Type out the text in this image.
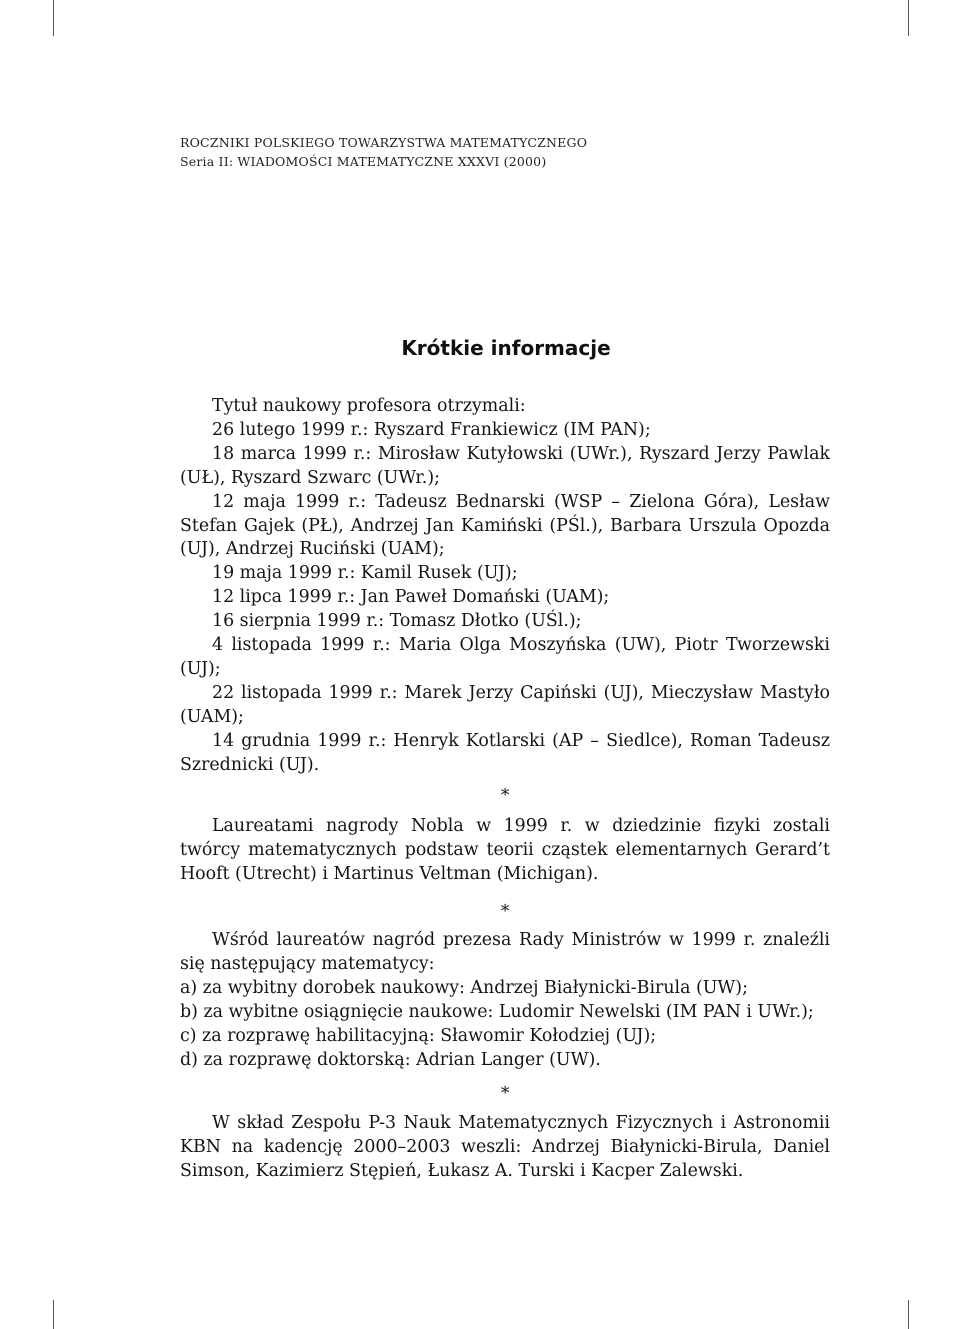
ROCZNIKI POLSKIEGO TOWARZYSTWA MATEMATYCZNEGO
Seria II: WIADOMOŚCI MATEMATYCZNE XXXVI (2000)
Krótkie informacje

Tytuł naukowy profesora otrzymali:

26 lutego 1999 r.: Ryszard Frankiewicz (IM PAN);

18 marca 1999 r.: Mirosław Kutyłowski (UWr.), Ryszard Jerzy Pawlak (UŁ), Ryszard Szwarc (UWr.);

12 maja 1999 r.: Tadeusz Bednarski (WSP – Zielona Góra), Lesław Stefan Gajek (PŁ), Andrzej Jan Kamiński (PŚl.), Barbara Urszula Opozda (UJ), Andrzej Ruciński (UAM);

19 maja 1999 r.: Kamil Rusek (UJ);

12 lipca 1999 r.: Jan Paweł Domański (UAM);

16 sierpnia 1999 r.: Tomasz Dłotko (UŚl.);

4 listopada 1999 r.: Maria Olga Moszyńska (UW), Piotr Tworzewski (UJ);

22 listopada 1999 r.: Marek Jerzy Capiński (UJ), Mieczysław Mastyło (UAM);

14 grudnia 1999 r.: Henryk Kotlarski (AP – Siedlce), Roman Tadeusz Szrednicki (UJ).

∗

Laureatami nagrody Nobla w 1999 r. w dziedzinie fizyki zostali twórcy matematycznych podstaw teorii cząstek elementarnych Gerard’t Hooft (Utrecht) i Martinus Veltman (Michigan).

∗

Wśród laureatów nagród prezesa Rady Ministrów w 1999 r. znaleźli się następujący matematycy:

a) za wybitny dorobek naukowy: Andrzej Białynicki-Birula (UW);

b) za wybitne osiągnięcie naukowe: Ludomir Newelski (IM PAN i UWr.);

c) za rozprawę habilitacyjną: Sławomir Kołodziej (UJ);

d) za rozprawę doktorską: Adrian Langer (UW).

∗

W skład Zespołu P-3 Nauk Matematycznych Fizycznych i Astronomii KBN na kadencję 2000–2003 weszli: Andrzej Białynicki-Birula, Daniel Simson, Kazimierz Stępień, Łukasz A. Turski i Kacper Zalewski.
